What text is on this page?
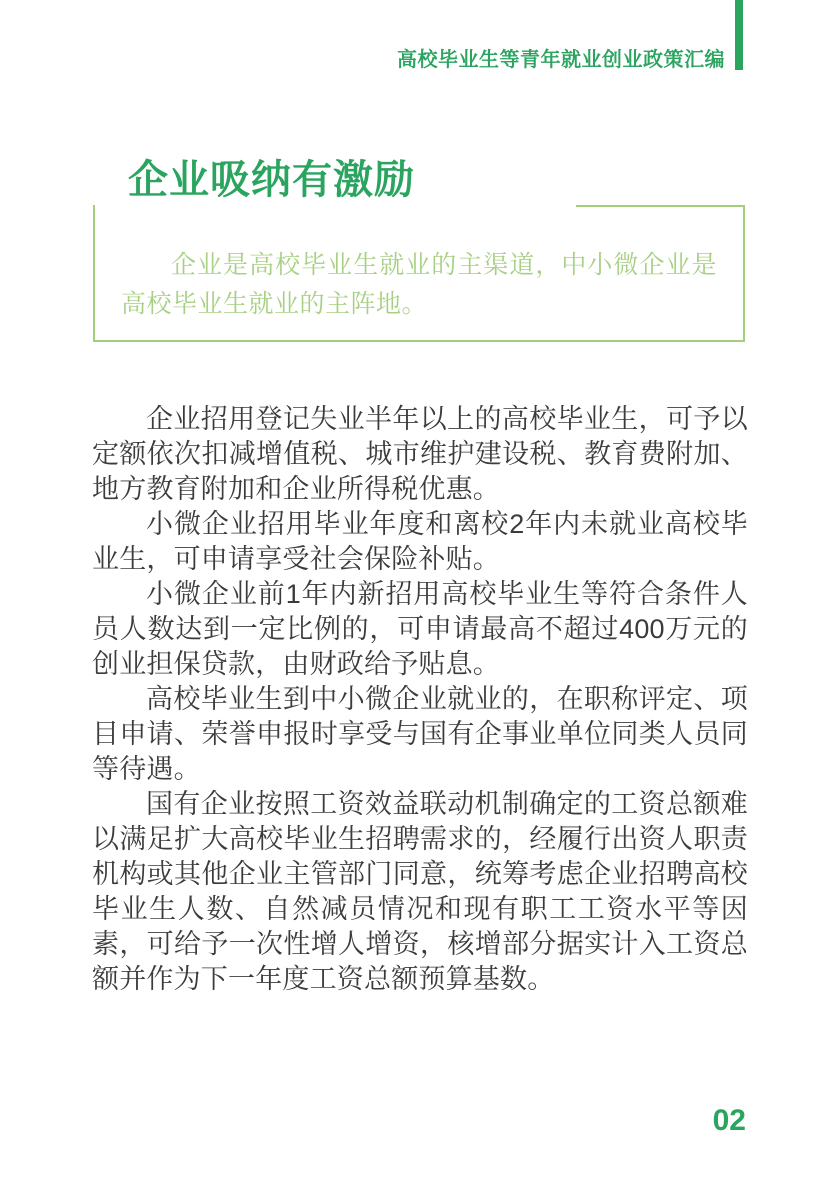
高校毕业生等青年就业创业政策汇编
企业吸纳有激励
企业是高校毕业生就业的主渠道，中小微企业是高校毕业生就业的主阵地。

企业招用登记失业半年以上的高校毕业生，可予以定额依次扣减增值税、城市维护建设税、教育费附加、地方教育附加和企业所得税优惠。

小微企业招用毕业年度和离校2年内未就业高校毕业生，可申请享受社会保险补贴。

小微企业前1年内新招用高校毕业生等符合条件人员人数达到一定比例的，可申请最高不超过400万元的创业担保贷款，由财政给予贴息。

高校毕业生到中小微企业就业的，在职称评定、项目申请、荣誉申报时享受与国有企事业单位同类人员同等待遇。

国有企业按照工资效益联动机制确定的工资总额难以满足扩大高校毕业生招聘需求的，经履行出资人职责机构或其他企业主管部门同意，统筹考虑企业招聘高校毕业生人数、自然减员情况和现有职工工资水平等因素，可给予一次性增人增资，核增部分据实计入工资总额并作为下一年度工资总额预算基数。

02
